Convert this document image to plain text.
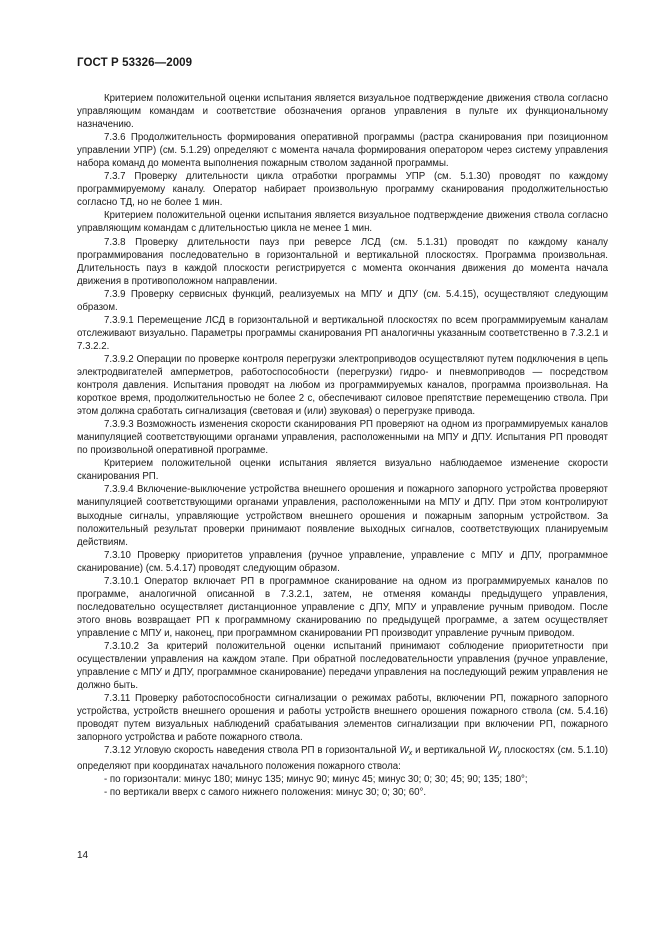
ГОСТ Р 53326—2009

Критерием положительной оценки испытания является визуальное подтверждение движения ствола согласно управляющим командам и соответствие обозначения органов управления в пульте их функциональному назначению.

7.3.6 Продолжительность формирования оперативной программы (растра сканирования при позиционном управлении УПР) (см. 5.1.29) определяют с момента начала формирования оператором через систему управления набора команд до момента выполнения пожарным стволом заданной программы.

7.3.7 Проверку длительности цикла отработки программы УПР (см. 5.1.30) проводят по каждому программируемому каналу. Оператор набирает произвольную программу сканирования продолжительностью согласно ТД, но не более 1 мин.

Критерием положительной оценки испытания является визуальное подтверждение движения ствола согласно управляющим командам с длительностью цикла не менее 1 мин.

7.3.8 Проверку длительности пауз при реверсе ЛСД (см. 5.1.31) проводят по каждому каналу программирования последовательно в горизонтальной и вертикальной плоскостях. Программа произвольная. Длительность пауз в каждой плоскости регистрируется с момента окончания движения до момента начала движения в противоположном направлении.

7.3.9 Проверку сервисных функций, реализуемых на МПУ и ДПУ (см. 5.4.15), осуществляют следующим образом.

7.3.9.1 Перемещение ЛСД в горизонтальной и вертикальной плоскостях по всем программируемым каналам отслеживают визуально. Параметры программы сканирования РП аналогичны указанным соответственно в 7.3.2.1 и 7.3.2.2.

7.3.9.2 Операции по проверке контроля перегрузки электроприводов осуществляют путем подключения в цепь электродвигателей амперметров, работоспособности (перегрузки) гидро- и пневмоприводов — посредством контроля давления. Испытания проводят на любом из программируемых каналов, программа произвольная. На короткое время, продолжительностью не более 2 с, обеспечивают силовое препятствие перемещению ствола. При этом должна сработать сигнализация (световая и (или) звуковая) о перегрузке привода.

7.3.9.3 Возможность изменения скорости сканирования РП проверяют на одном из программируемых каналов манипуляцией соответствующими органами управления, расположенными на МПУ и ДПУ. Испытания РП проводят по произвольной оперативной программе.

Критерием положительной оценки испытания является визуально наблюдаемое изменение скорости сканирования РП.

7.3.9.4 Включение-выключение устройства внешнего орошения и пожарного запорного устройства проверяют манипуляцией соответствующими органами управления, расположенными на МПУ и ДПУ. При этом контролируют выходные сигналы, управляющие устройством внешнего орошения и пожарным запорным устройством. За положительный результат проверки принимают появление выходных сигналов, соответствующих планируемым действиям.

7.3.10 Проверку приоритетов управления (ручное управление, управление с МПУ и ДПУ, программное сканирование) (см. 5.4.17) проводят следующим образом.

7.3.10.1 Оператор включает РП в программное сканирование на одном из программируемых каналов по программе, аналогичной описанной в 7.3.2.1, затем, не отменяя команды предыдущего управления, последовательно осуществляет дистанционное управление с ДПУ, МПУ и управление ручным приводом. После этого вновь возвращает РП к программному сканированию по предыдущей программе, а затем осуществляет управление с МПУ и, наконец, при программном сканировании РП производит управление ручным приводом.

7.3.10.2 За критерий положительной оценки испытаний принимают соблюдение приоритетности при осуществлении управления на каждом этапе. При обратной последовательности управления (ручное управление, управление с МПУ и ДПУ, программное сканирование) передачи управления на последующий режим управления не должно быть.

7.3.11 Проверку работоспособности сигнализации о режимах работы, включении РП, пожарного запорного устройства, устройств внешнего орошения и работы устройств внешнего орошения пожарного ствола (см. 5.4.16) проводят путем визуальных наблюдений срабатывания элементов сигнализации при включении РП, пожарного запорного устройства и работе пожарного ствола.

7.3.12 Угловую скорость наведения ствола РП в горизонтальной $W_x$ и вертикальной $W_y$ плоскостях (см. 5.1.10) определяют при координатах начального положения пожарного ствола:

- по горизонтали: минус 180; минус 135; минус 90; минус 45; минус 30; 0; 30; 45; 90; 135; 180°;

- по вертикали вверх с самого нижнего положения: минус 30; 0; 30; 60°.

14
